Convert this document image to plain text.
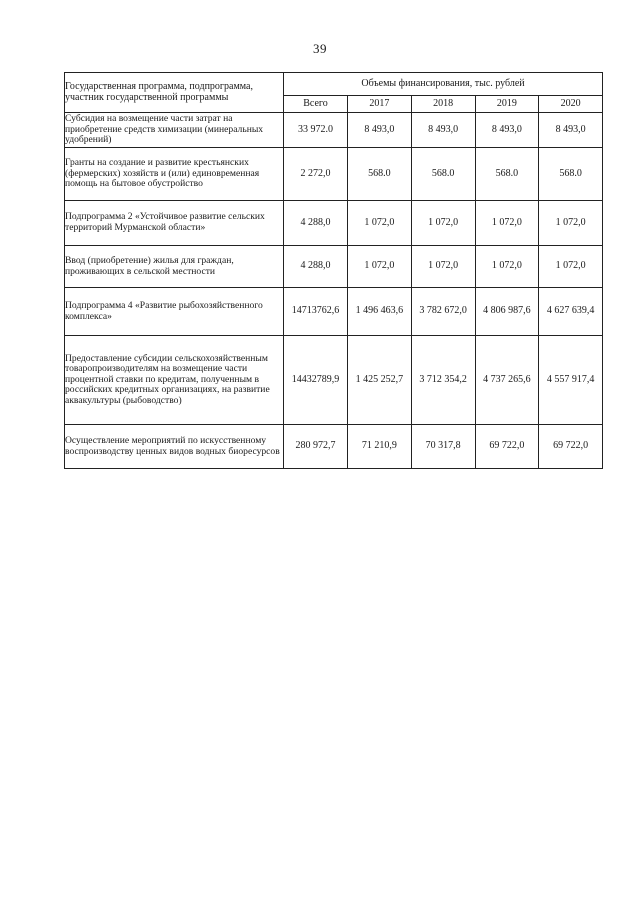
39
Государственная программа, подпрограмма, участник государственной программы	Объемы финансирования, тыс. рублей				
	Всего	2017	2018	2019	2020
Субсидия на возмещение части затрат на приобретение средств химизации (минеральных удобрений)	33 972.0	8 493,0	8 493,0	8 493,0	8 493,0
Гранты на создание и развитие крестьянских (фермерских) хозяйств и (или) единовременная помощь на бытовое обустройство	2 272,0	568.0	568.0	568.0	568.0
Подпрограмма 2 «Устойчивое развитие сельских территорий Мурманской области»	4 288,0	1 072,0	1 072,0	1 072,0	1 072,0
Ввод (приобретение) жилья для граждан, проживающих в сельской местности	4 288,0	1 072,0	1 072,0	1 072,0	1 072,0
Подпрограмма 4 «Развитие рыбохозяйственного комплекса»	14713762,6	1 496 463,6	3 782 672,0	4 806 987,6	4 627 639,4
Предоставление субсидии сельскохозяйственным товаропроизводителям на возмещение части процентной ставки по кредитам, полученным в российских кредитных организациях, на развитие аквакультуры (рыбоводство)	14432789,9	1 425 252,7	3 712 354,2	4 737 265,6	4 557 917,4
Осуществление мероприятий по искусственному воспроизводству ценных видов водных биоресурсов	280 972,7	71 210,9	70 317,8	69 722,0	69 722,0
